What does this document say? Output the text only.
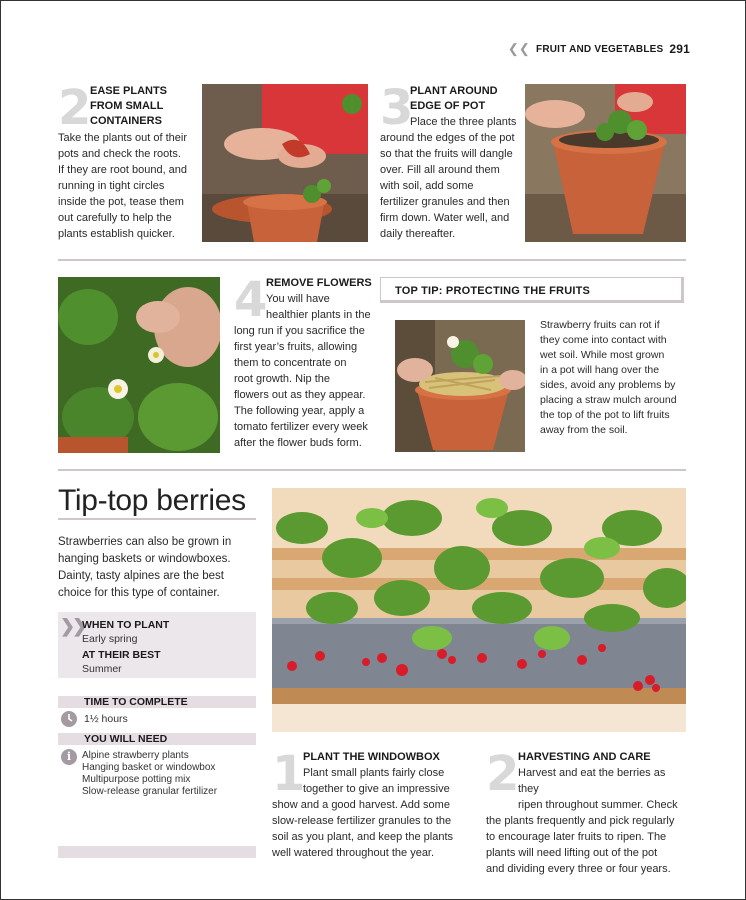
❮❮ FRUIT AND VEGETABLES 291
2
EASE PLANTS
FROM SMALL
CONTAINERS
Take the plants out of their
pots and check the roots.
If they are root bound, and
running in tight circles
inside the pot, tease them
out carefully to help the
plants establish quicker.
3
PLANT AROUND
EDGE OF POT
Place the three plants
around the edges of the pot
so that the fruits will dangle
over. Fill all around them
with soil, add some
fertilizer granules and then
firm down. Water well, and
daily thereafter.
4
REMOVE FLOWERS
You will have
healthier plants in the
long run if you sacrifice the
first year’s fruits, allowing
them to concentrate on
root growth. Nip the
flowers out as they appear.
The following year, apply a
tomato fertilizer every week
after the flower buds form.
TOP TIP: PROTECTING THE FRUITS
Strawberry fruits can rot if
they come into contact with
wet soil. While most grown
in a pot will hang over the
sides, avoid any problems by
placing a straw mulch around
the top of the pot to lift fruits
away from the soil.
Tip-top berries
Strawberries can also be grown in
hanging baskets or windowboxes.
Dainty, tasty alpines are the best
choice for this type of container.
❯❯
WHEN TO PLANT
Early spring
AT THEIR BEST
Summer
TIME TO COMPLETE
1½ hours
YOU WILL NEED
i	Alpine strawberry plants
Hanging basket or windowbox
Multipurpose potting mix
Slow-release granular fertilizer 1
PLANT THE WINDOWBOX
Plant small plants fairly close
together to give an impressive
show and a good harvest. Add some
slow-release fertilizer granules to the
soil as you plant, and keep the plants
well watered throughout the year.
2
HARVESTING AND CARE
Harvest and eat the berries as they
ripen throughout summer. Check
the plants frequently and pick regularly
to encourage later fruits to ripen. The
plants will need lifting out of the pot
and dividing every three or four years.
